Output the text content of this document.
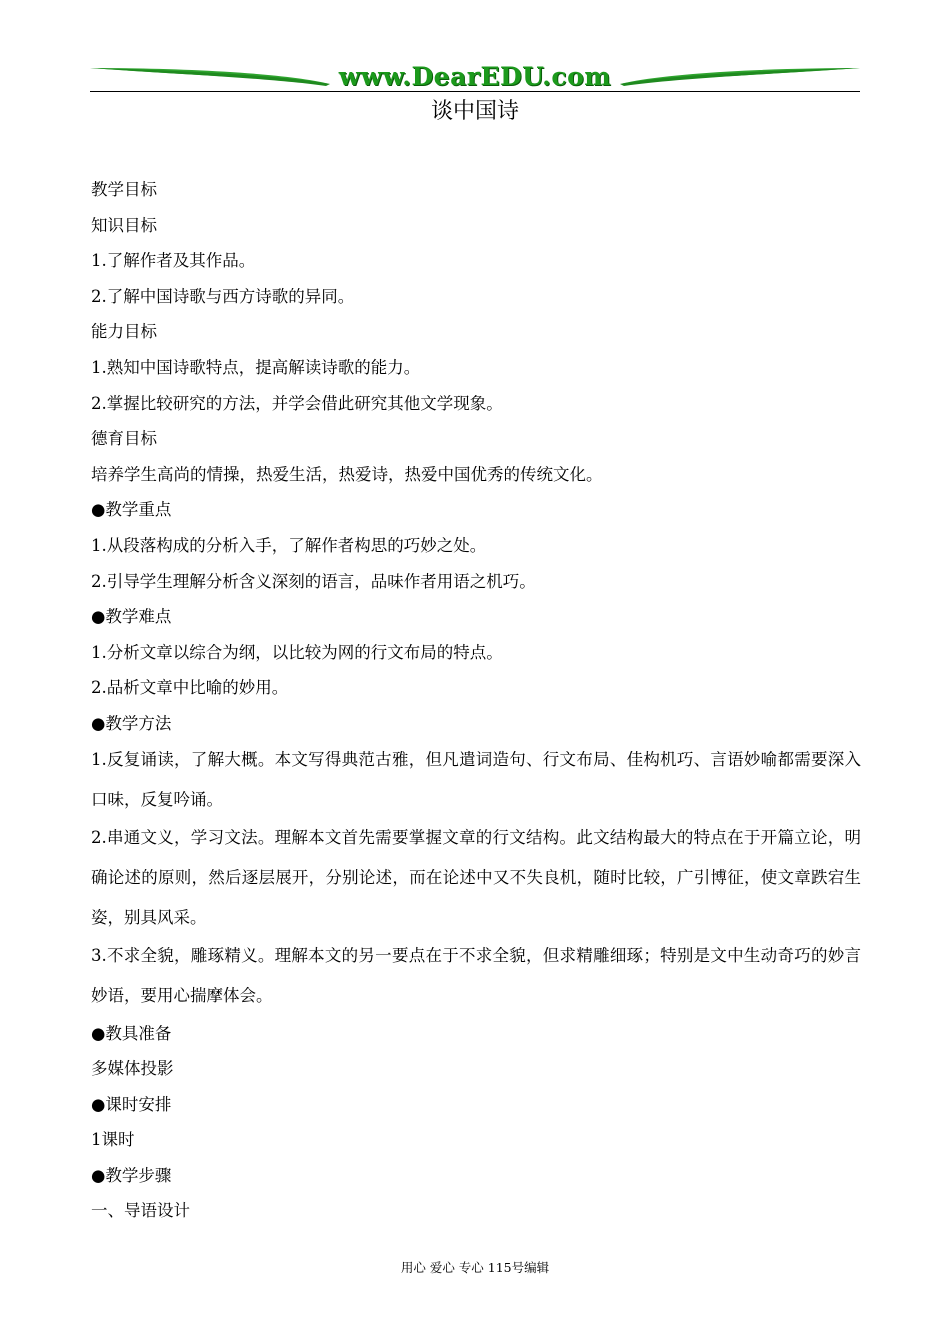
www.DearEDU.com
谈中国诗
教学目标
知识目标
1.了解作者及其作品。
2.了解中国诗歌与西方诗歌的异同。
能力目标
1.熟知中国诗歌特点，提高解读诗歌的能力。
2.掌握比较研究的方法，并学会借此研究其他文学现象。
德育目标
培养学生高尚的情操，热爱生活，热爱诗，热爱中国优秀的传统文化。
●教学重点
1.从段落构成的分析入手，了解作者构思的巧妙之处。
2.引导学生理解分析含义深刻的语言，品味作者用语之机巧。
●教学难点
1.分析文章以综合为纲，以比较为网的行文布局的特点。
2.品析文章中比喻的妙用。
●教学方法
1.反复诵读，了解大概。本文写得典范古雅，但凡遣词造句、行文布局、佳构机巧、言语妙喻都需要深入口味，反复吟诵。
2.串通文义，学习文法。理解本文首先需要掌握文章的行文结构。此文结构最大的特点在于开篇立论，明确论述的原则，然后逐层展开，分别论述，而在论述中又不失良机，随时比较，广引博征，使文章跌宕生姿，别具风采。
3.不求全貌，雕琢精义。理解本文的另一要点在于不求全貌，但求精雕细琢；特别是文中生动奇巧的妙言妙语，要用心揣摩体会。
●教具准备
多媒体投影
●课时安排
1课时
●教学步骤
一、导语设计
用心 爱心 专心 115号编辑
